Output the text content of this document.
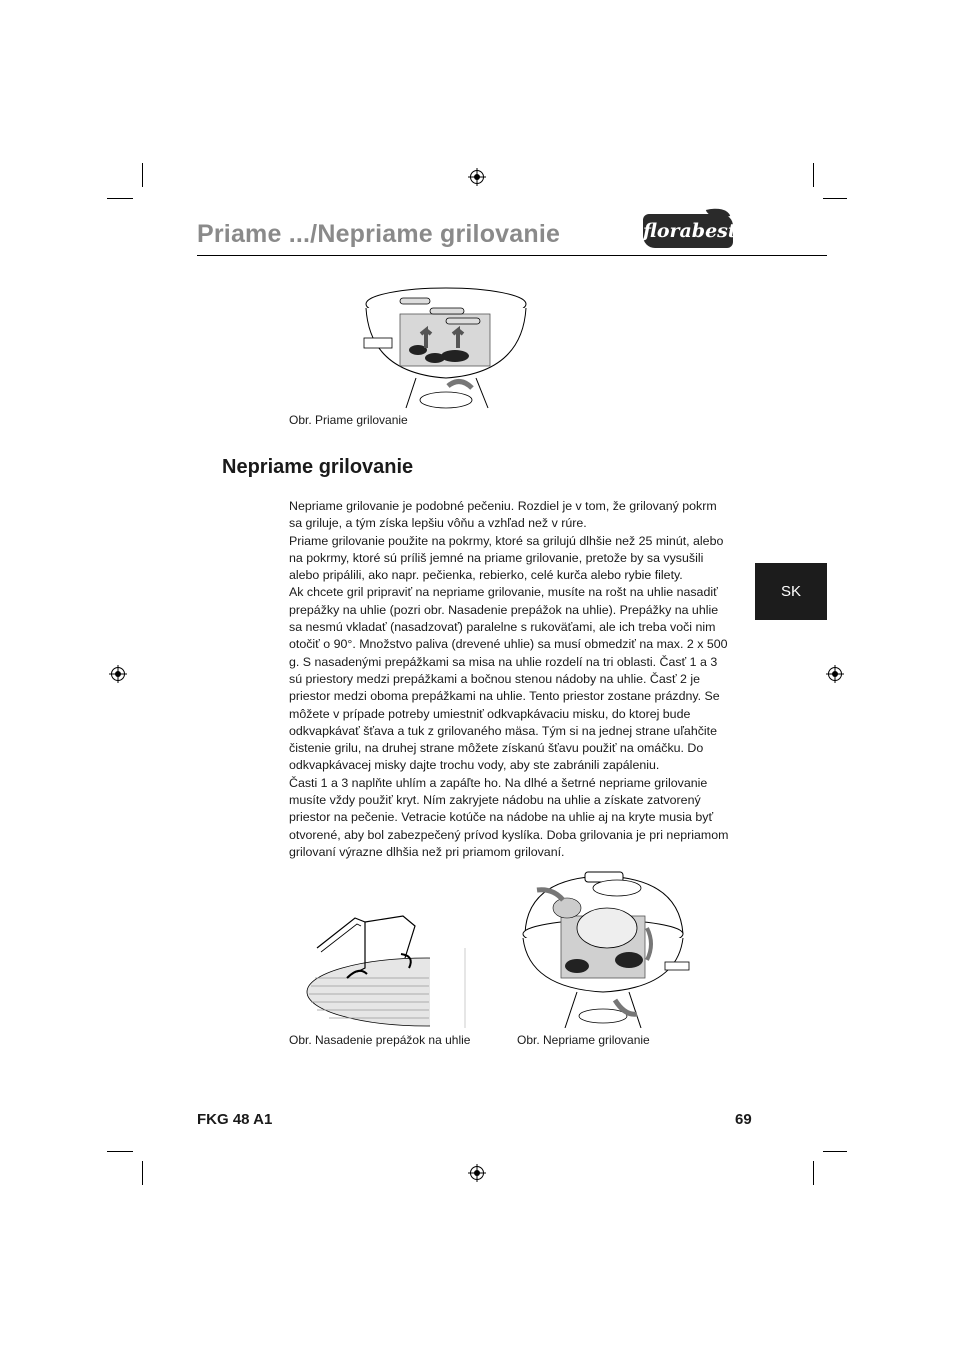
Priame .../Nepriame grilovanie	florabest
Obr. Priame grilovanie
Nepriame grilovanie

Nepriame grilovanie je podobné pečeniu. Rozdiel je v tom, že grilovaný pokrm sa griluje, a tým získa lepšiu vôňu a vzhľad než v rúre.

Priame grilovanie použite na pokrmy, ktoré sa grilujú dlhšie než 25 minút, alebo na pokrmy, ktoré sú príliš jemné na priame grilovanie, pretože by sa vysušili alebo pripálili, ako napr. pečienka, rebierko, celé kurča alebo rybie filety.

Ak chcete gril pripraviť na nepriame grilovanie, musíte na rošt na uhlie nasadiť prepážky na uhlie (pozri obr. Nasadenie prepážok na uhlie). Prepážky na uhlie sa nesmú vkladať (nasadzovať) paralelne s rukoväťami, ale ich treba voči nim otočiť o 90°. Množstvo paliva (drevené uhlie) sa musí obmedziť na max. 2 x 500 g. S nasadenými prepážkami sa misa na uhlie rozdelí na tri oblasti. Časť 1 a 3 sú priestory medzi prepážkami a bočnou stenou nádoby na uhlie. Časť 2 je priestor medzi oboma prepážkami na uhlie. Tento priestor zostane prázdny. Se môžete v prípade potreby umiestniť odkvapkávaciu misku, do ktorej bude odkvapkávať šťava a tuk z grilovaného mäsa. Tým si na jednej strane uľahčite čistenie grilu, na druhej strane môžete získanú šťavu použiť na omáčku. Do odkvapkávacej misky dajte trochu vody, aby ste zabránili zapáleniu.

Časti 1 a 3 naplňte uhlím a zapáľte ho. Na dlhé a šetrné nepriame grilovanie musíte vždy použiť kryt. Ním zakryjete nádobu na uhlie a získate zatvorený priestor na pečenie. Vetracie kotúče na nádobe na uhlie aj na kryte musia byť otvorené, aby bol zabezpečený prívod kyslíka. Doba grilovania je pri nepriamom grilovaní výrazne dlhšia než pri priamom grilovaní.

SK
Obr. Nasadenie prepážok na uhlie	Obr. Nepriame grilovanie
FKG 48 A1	69
